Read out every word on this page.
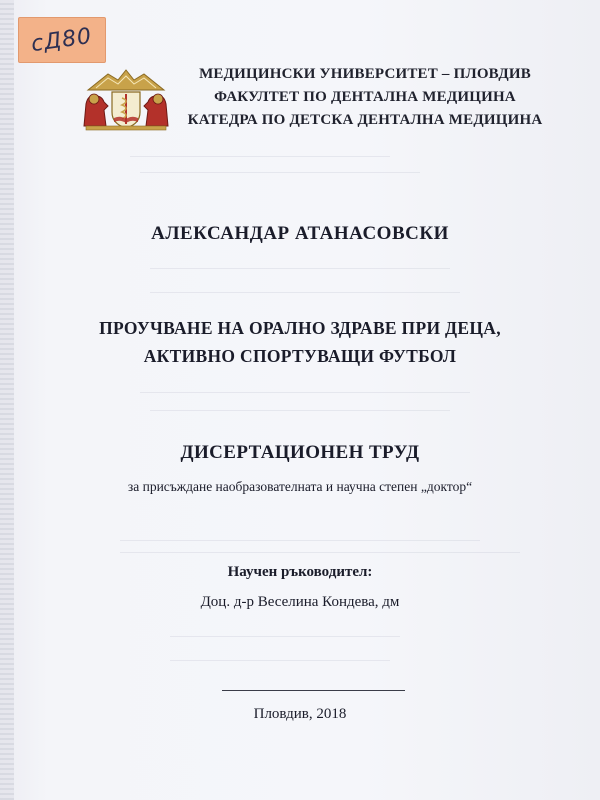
сД80
МЕДИЦИНСКИ УНИВЕРСИТЕТ – ПЛОВДИВ
ФАКУЛТЕТ ПО ДЕНТАЛНА МЕДИЦИНА
КАТЕДРА ПО ДЕТСКА ДЕНТАЛНА МЕДИЦИНА
АЛЕКСАНДАР АТАНАСОВСКИ
ПРОУЧВАНЕ НА ОРАЛНО ЗДРАВЕ ПРИ ДЕЦА,
АКТИВНО СПОРТУВАЩИ ФУТБОЛ
ДИСЕРТАЦИОНЕН ТРУД
за присъждане наобразователната и научна степен „доктор“
Научен ръководител:
Доц. д-р Веселина Кондева, дм
Пловдив, 2018
